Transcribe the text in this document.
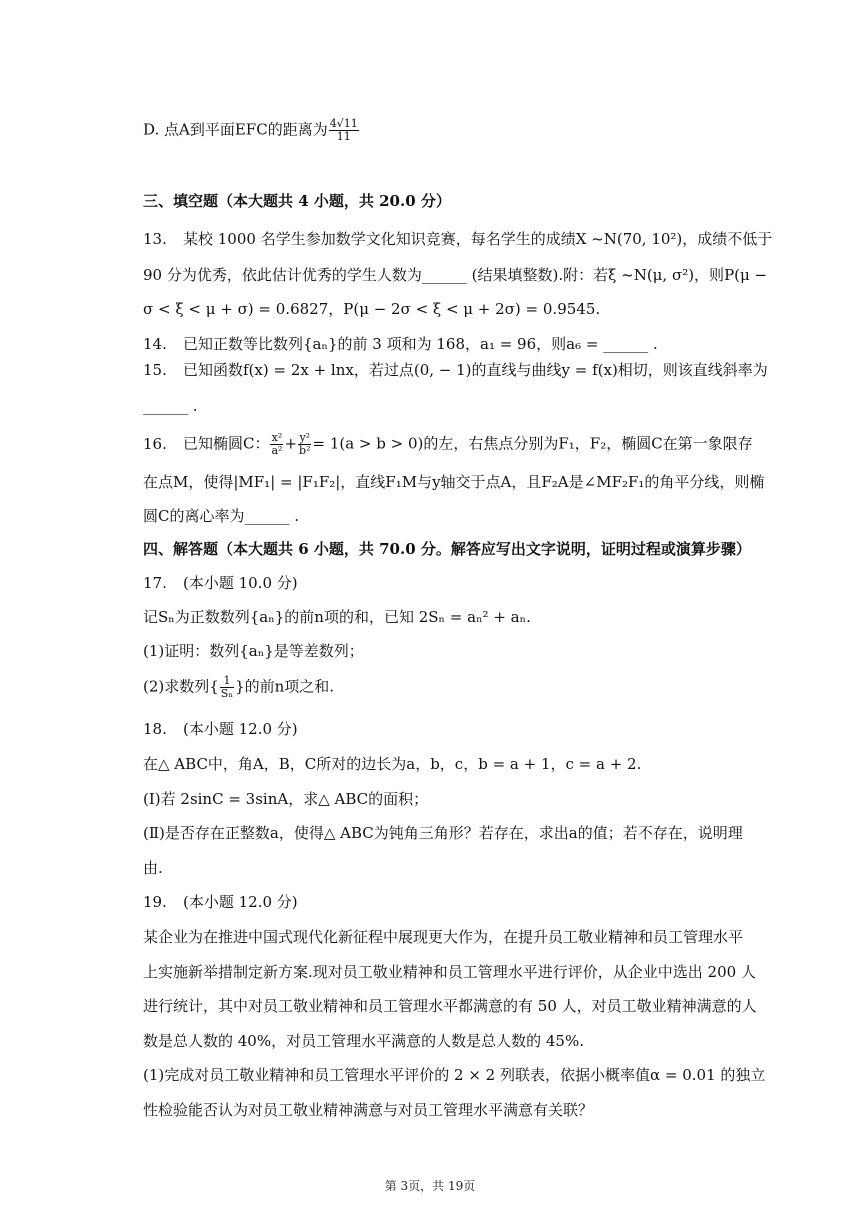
D. 点A到平面EFC的距离为 $\frac{4√11}{11}$
三、填空题（本大题共 4 小题，共 20.0 分）
13. 某校 1000 名学生参加数学文化知识竞赛，每名学生的成绩X ~N(70, 10²)，成绩不低于
90 分为优秀，依此估计优秀的学生人数为______ (结果填整数).附：若ξ ~N(μ, σ²)，则P(μ −
σ < ξ < μ + σ) = 0.6827，P(μ − 2σ < ξ < μ + 2σ) = 0.9545.
14. 已知正数等比数列{aₙ}的前 3 项和为 168，a₁ = 96，则a₆ = ______ .
15. 已知函数f(x) = 2x + lnx，若过点(0, − 1)的直线与曲线y = f(x)相切，则该直线斜率为
______ .
16. 已知椭圆C： $\frac{\text{x²}}{\text{a²}} + \frac{\text{y²}}{\text{b²}} = 1(a > b > 0)$的左，右焦点分别为F₁，F₂，椭圆C在第一象限存
在点M，使得|MF₁| = |F₁F₂|，直线F₁M与y轴交于点A，且F₂A是∠MF₂F₁的角平分线，则椭
圆C的离心率为______ .
四、解答题（本大题共 6 小题，共 70.0 分。解答应写出文字说明，证明过程或演算步骤）
17. (本小题 10.0 分)
记Sₙ为正数数列{aₙ}的前n项的和，已知 2Sₙ = aₙ² + aₙ.
(1)证明：数列{aₙ}是等差数列；
(2)求数列{ $\frac{1}{\text{Sₙ}}$ }的前n项之和.
18. (本小题 12.0 分)
在△ ABC中，角A，B，C所对的边长为a，b，c，b = a + 1，c = a + 2.
(Ⅰ)若 2sinC = 3sinA，求△ ABC的面积；
(Ⅱ)是否存在正整数a，使得△ ABC为钝角三角形？若存在，求出a的值；若不存在，说明理
由.
19. (本小题 12.0 分)
某企业为在推进中国式现代化新征程中展现更大作为，在提升员工敬业精神和员工管理水平
上实施新举措制定新方案.现对员工敬业精神和员工管理水平进行评价，从企业中选出 200 人
进行统计，其中对员工敬业精神和员工管理水平都满意的有 50 人，对员工敬业精神满意的人
数是总人数的 40%，对员工管理水平满意的人数是总人数的 45%.
(1)完成对员工敬业精神和员工管理水平评价的 2 × 2 列联表，依据小概率值α = 0.01 的独立
性检验能否认为对员工敬业精神满意与对员工管理水平满意有关联？
第 3页，共 19页
